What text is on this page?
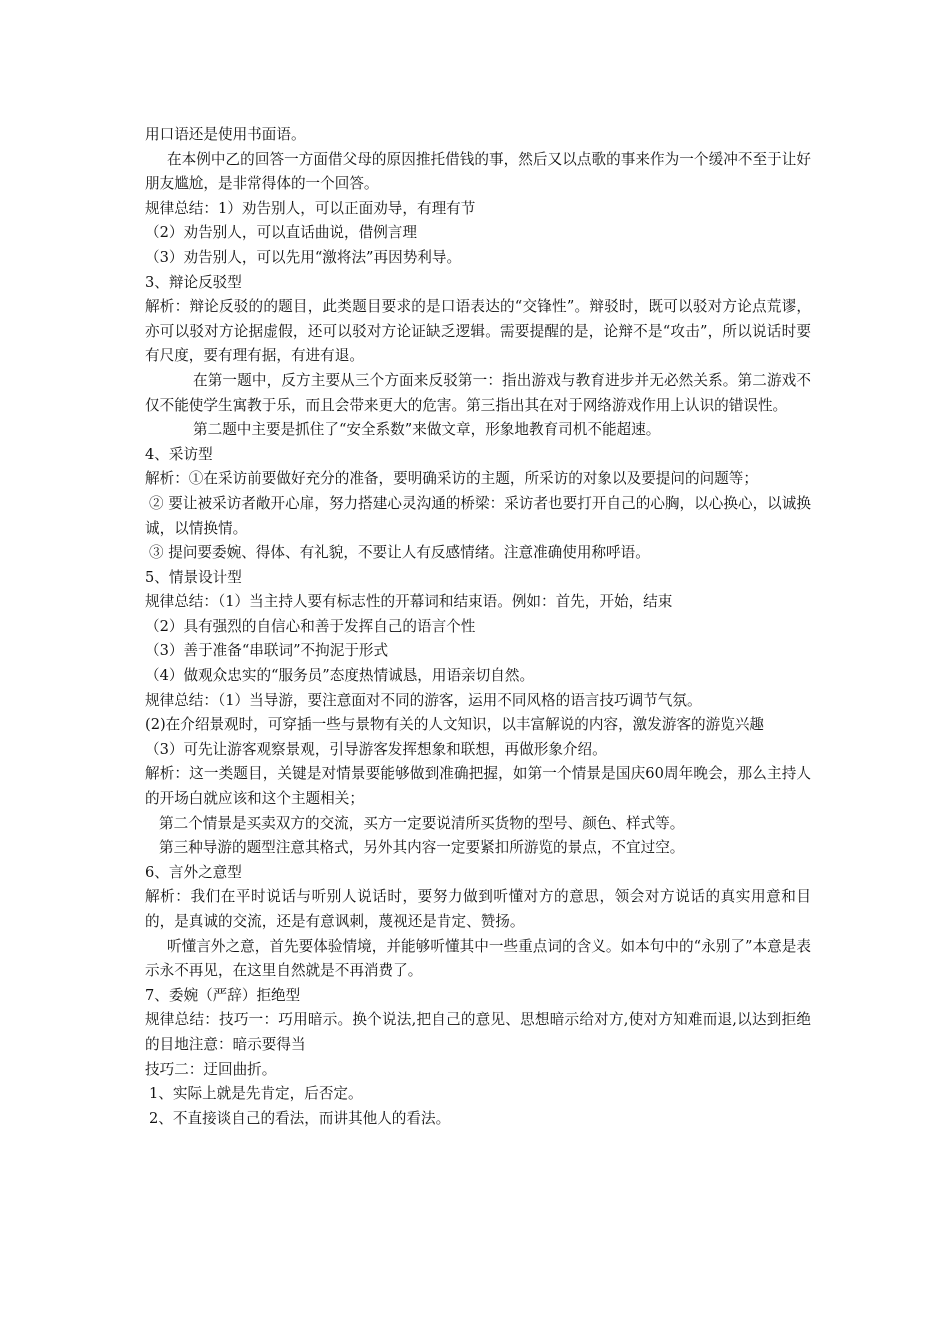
用口语还是使用书面语。

在本例中乙的回答一方面借父母的原因推托借钱的事，然后又以点歌的事来作为一个缓冲不至于让好朋友尴尬，是非常得体的一个回答。

规律总结：1）劝告别人，可以正面劝导，有理有节

（2）劝告别人，可以直话曲说，借例言理

（3）劝告别人，可以先用“激将法”再因势利导。

3、辩论反驳型

解析：辩论反驳的的题目，此类题目要求的是口语表达的“交锋性”。辩驳时，既可以驳对方论点荒谬，亦可以驳对方论据虚假，还可以驳对方论证缺乏逻辑。需要提醒的是，论辩不是“攻击”，所以说话时要有尺度，要有理有据，有进有退。

在第一题中，反方主要从三个方面来反驳第一：指出游戏与教育进步并无必然关系。第二游戏不仅不能使学生寓教于乐，而且会带来更大的危害。第三指出其在对于网络游戏作用上认识的错误性。

第二题中主要是抓住了“安全系数”来做文章，形象地教育司机不能超速。

4、采访型

解析：①在采访前要做好充分的准备，要明确采访的主题，所采访的对象以及要提问的问题等；

② 要让被采访者敞开心扉，努力搭建心灵沟通的桥梁：采访者也要打开自己的心胸，以心换心，以诚换诚，以情换情。

③ 提问要委婉、得体、有礼貌，不要让人有反感情绪。注意准确使用称呼语。

5、情景设计型

规律总结：（1）当主持人要有标志性的开幕词和结束语。例如：首先，开始，结束

（2）具有强烈的自信心和善于发挥自己的语言个性

（3）善于准备“串联词”不拘泥于形式

（4）做观众忠实的“服务员”态度热情诚恳，用语亲切自然。

规律总结：（1）当导游，要注意面对不同的游客，运用不同风格的语言技巧调节气氛。

(2)在介绍景观时，可穿插一些与景物有关的人文知识，以丰富解说的内容，激发游客的游览兴趣

（3）可先让游客观察景观，引导游客发挥想象和联想，再做形象介绍。

解析：这一类题目，关键是对情景要能够做到准确把握，如第一个情景是国庆60周年晚会，那么主持人的开场白就应该和这个主题相关；

第二个情景是买卖双方的交流，买方一定要说清所买货物的型号、颜色、样式等。

第三种导游的题型注意其格式，另外其内容一定要紧扣所游览的景点，不宜过空。

6、言外之意型

解析：我们在平时说话与听别人说话时，要努力做到听懂对方的意思，领会对方说话的真实用意和目的，是真诚的交流，还是有意讽刺，蔑视还是肯定、赞扬。

听懂言外之意，首先要体验情境，并能够听懂其中一些重点词的含义。如本句中的“永别了”本意是表示永不再见，在这里自然就是不再消费了。

7、委婉（严辞）拒绝型

规律总结：技巧一：巧用暗示。换个说法,把自己的意见、思想暗示给对方,使对方知难而退,以达到拒绝的目地注意：暗示要得当

技巧二：迂回曲折。

1、实际上就是先肯定，后否定。

2、不直接谈自己的看法，而讲其他人的看法。
